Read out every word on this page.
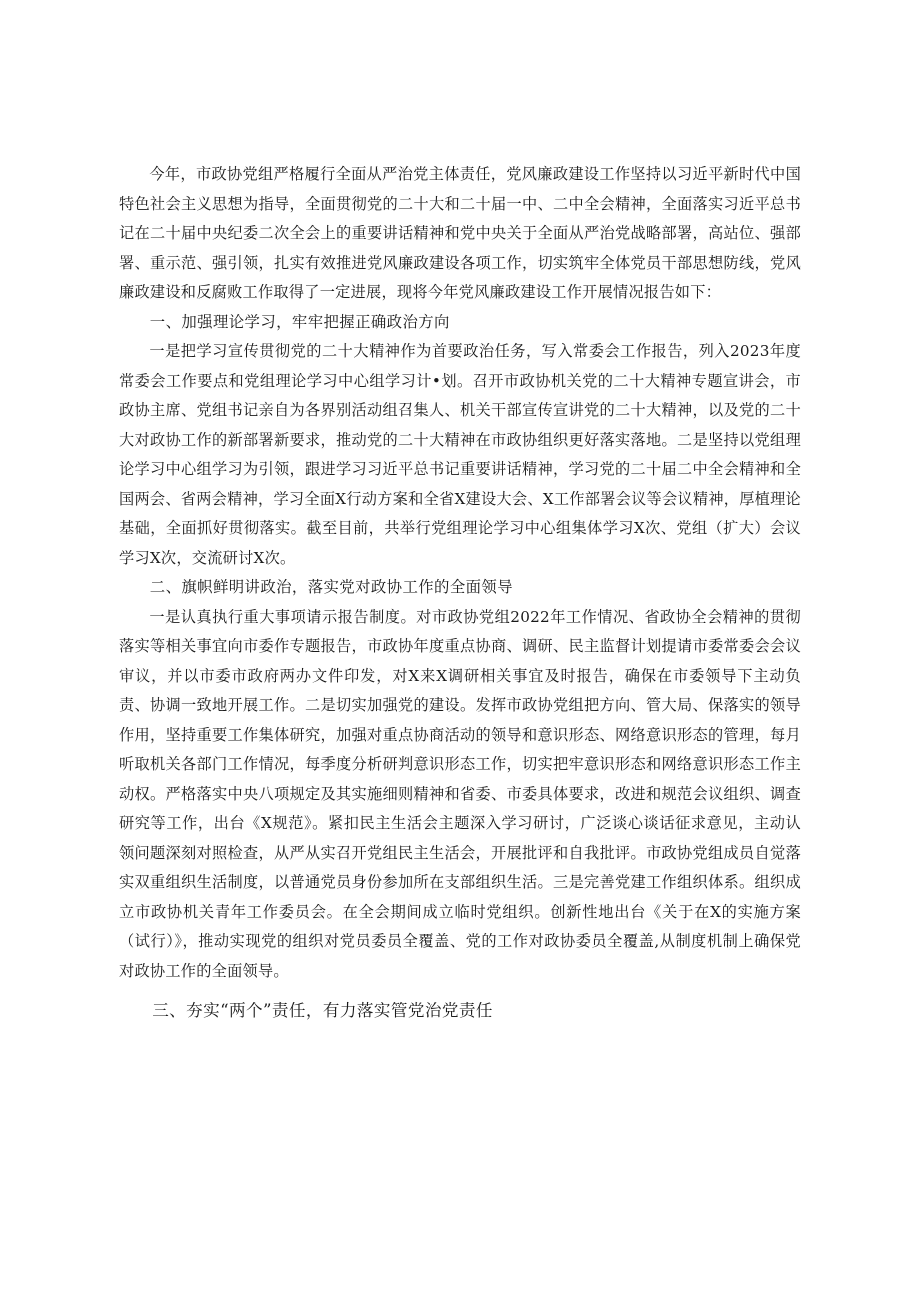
今年，市政协党组严格履行全面从严治党主体责任，党风廉政建设工作坚持以习近平新时代中国特色社会主义思想为指导，全面贯彻党的二十大和二十届一中、二中全会精神，全面落实习近平总书记在二十届中央纪委二次全会上的重要讲话精神和党中央关于全面从严治党战略部署，高站位、强部署、重示范、强引领，扎实有效推进党风廉政建设各项工作，切实筑牢全体党员干部思想防线，党风廉政建设和反腐败工作取得了一定进展，现将今年党风廉政建设工作开展情况报告如下：

一、加强理论学习，牢牢把握正确政治方向

一是把学习宣传贯彻党的二十大精神作为首要政治任务，写入常委会工作报告，列入2023年度常委会工作要点和党组理论学习中心组学习计•划。召开市政协机关党的二十大精神专题宣讲会，市政协主席、党组书记亲自为各界别活动组召集人、机关干部宣传宣讲党的二十大精神，以及党的二十大对政协工作的新部署新要求，推动党的二十大精神在市政协组织更好落实落地。二是坚持以党组理论学习中心组学习为引领，跟进学习习近平总书记重要讲话精神，学习党的二十届二中全会精神和全国两会、省两会精神，学习全面X行动方案和全省X建设大会、X工作部署会议等会议精神，厚植理论基础，全面抓好贯彻落实。截至目前，共举行党组理论学习中心组集体学习X次、党组（扩大）会议学习X次，交流研讨X次。

二、旗帜鲜明讲政治，落实党对政协工作的全面领导

一是认真执行重大事项请示报告制度。对市政协党组2022年工作情况、省政协全会精神的贯彻落实等相关事宜向市委作专题报告，市政协年度重点协商、调研、民主监督计划提请市委常委会会议审议，并以市委市政府两办文件印发，对X来X调研相关事宜及时报告，确保在市委领导下主动负责、协调一致地开展工作。二是切实加强党的建设。发挥市政协党组把方向、管大局、保落实的领导作用，坚持重要工作集体研究，加强对重点协商活动的领导和意识形态、网络意识形态的管理，每月听取机关各部门工作情况，每季度分析研判意识形态工作，切实把牢意识形态和网络意识形态工作主动权。严格落实中央八项规定及其实施细则精神和省委、市委具体要求，改进和规范会议组织、调查研究等工作，出台《X规范》。紧扣民主生活会主题深入学习研讨，广泛谈心谈话征求意见，主动认领问题深刻对照检查，从严从实召开党组民主生活会，开展批评和自我批评。市政协党组成员自觉落实双重组织生活制度，以普通党员身份参加所在支部组织生活。三是完善党建工作组织体系。组织成立市政协机关青年工作委员会。在全会期间成立临时党组织。创新性地出台《关于在X的实施方案（试行）》，推动实现党的组织对党员委员全覆盖、党的工作对政协委员全覆盖,从制度机制上确保党对政协工作的全面领导。

三、夯实“两个”责任，有力落实管党治党责任
